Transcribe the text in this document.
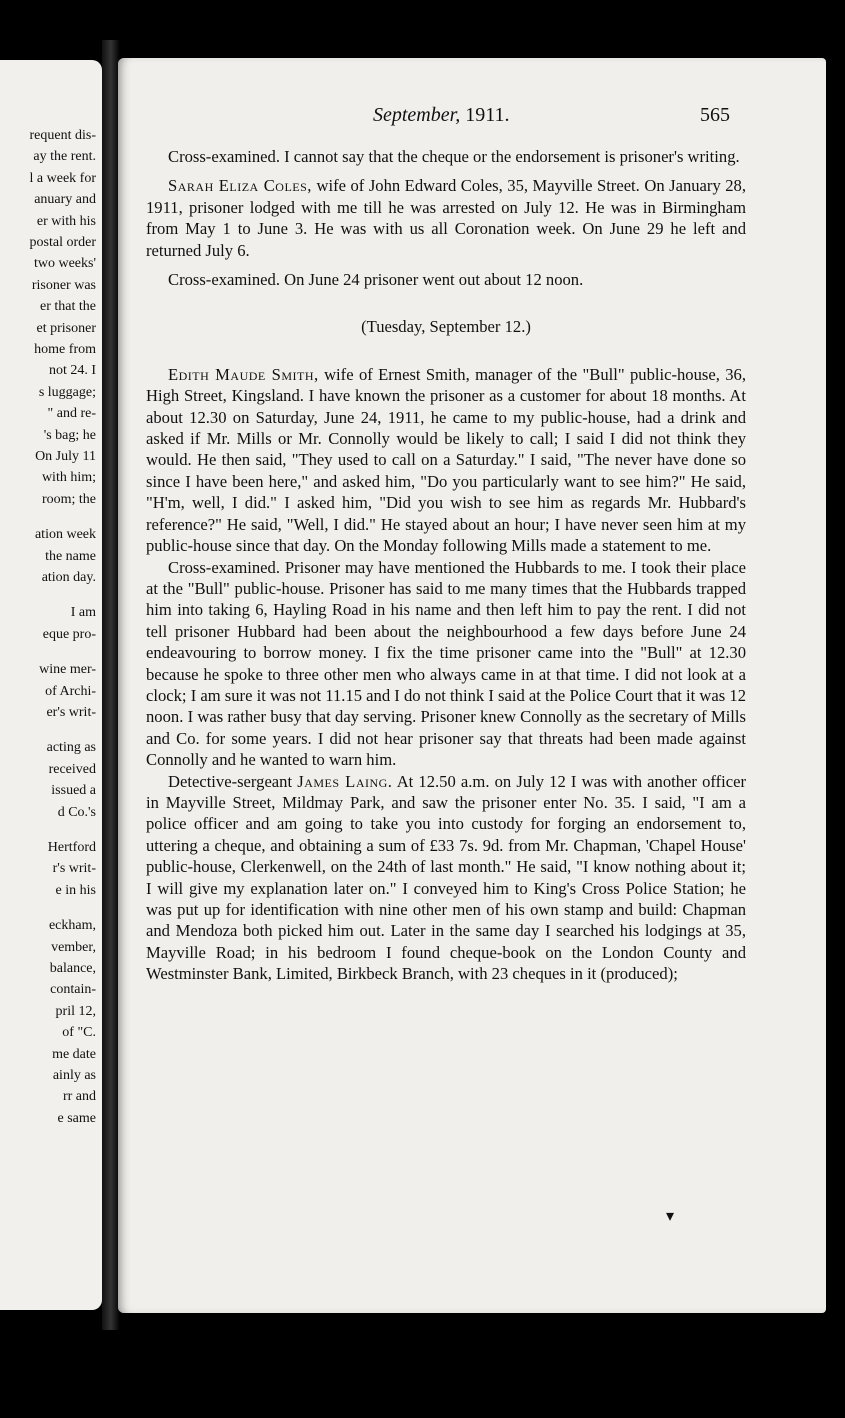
requent dis-
ay the rent.
l a week for
anuary and
er with his
postal order
two weeks'
risoner was
er that the
et prisoner
home from
not 24. I
s luggage;
" and re-
's bag; he
On July 11
with him;
room; the
ation week
the name
ation day.
I am
eque pro-
wine mer-
of Archi-
er's writ-
acting as
received
issued a
d Co.'s
Hertford
r's writ-
e in his
eckham,
vember,
balance,
contain-
pril 12,
of "C.
me date
ainly as
rr and
e same
September, 1911.	565

Cross-examined. I cannot say that the cheque or the endorsement is prisoner's writing.

Sarah Eliza Coles, wife of John Edward Coles, 35, Mayville Street. On January 28, 1911, prisoner lodged with me till he was arrested on July 12. He was in Birmingham from May 1 to June 3. He was with us all Coronation week. On June 29 he left and returned July 6.

Cross-examined. On June 24 prisoner went out about 12 noon.

(Tuesday, September 12.)

Edith Maude Smith, wife of Ernest Smith, manager of the "Bull" public-house, 36, High Street, Kingsland. I have known the prisoner as a customer for about 18 months. At about 12.30 on Saturday, June 24, 1911, he came to my public-house, had a drink and asked if Mr. Mills or Mr. Connolly would be likely to call; I said I did not think they would. He then said, "They used to call on a Saturday." I said, "The never have done so since I have been here," and asked him, "Do you particularly want to see him?" He said, "H'm, well, I did." I asked him, "Did you wish to see him as regards Mr. Hubbard's reference?" He said, "Well, I did." He stayed about an hour; I have never seen him at my public-house since that day. On the Monday following Mills made a statement to me.

Cross-examined. Prisoner may have mentioned the Hubbards to me. I took their place at the "Bull" public-house. Prisoner has said to me many times that the Hubbards trapped him into taking 6, Hayling Road in his name and then left him to pay the rent. I did not tell prisoner Hubbard had been about the neighbourhood a few days before June 24 endeavouring to borrow money. I fix the time prisoner came into the "Bull" at 12.30 because he spoke to three other men who always came in at that time. I did not look at a clock; I am sure it was not 11.15 and I do not think I said at the Police Court that it was 12 noon. I was rather busy that day serving. Prisoner knew Connolly as the secretary of Mills and Co. for some years. I did not hear prisoner say that threats had been made against Connolly and he wanted to warn him.

Detective-sergeant James Laing. At 12.50 a.m. on July 12 I was with another officer in Mayville Street, Mildmay Park, and saw the prisoner enter No. 35. I said, "I am a police officer and am going to take you into custody for forging an endorsement to, uttering a cheque, and obtaining a sum of £33 7s. 9d. from Mr. Chapman, 'Chapel House' public-house, Clerkenwell, on the 24th of last month." He said, "I know nothing about it; I will give my explanation later on." I conveyed him to King's Cross Police Station; he was put up for identification with nine other men of his own stamp and build: Chapman and Mendoza both picked him out. Later in the same day I searched his lodgings at 35, Mayville Road; in his bedroom I found cheque-book on the London County and Westminster Bank, Limited, Birkbeck Branch, with 23 cheques in it (produced);

▾
